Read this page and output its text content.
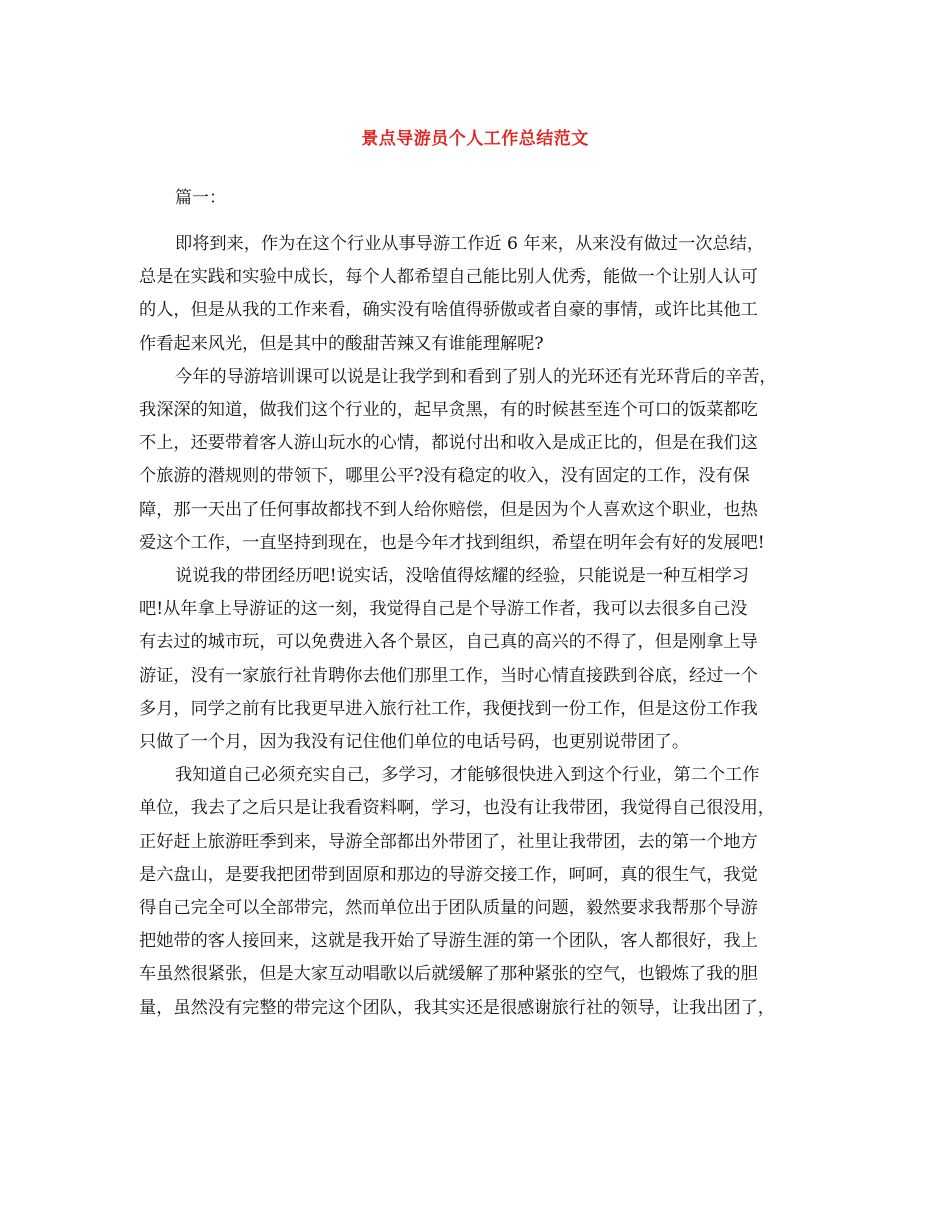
景点导游员个人工作总结范文

篇一：

即将到来，作为在这个行业从事导游工作近 6 年来，从来没有做过一次总结，
总是在实践和实验中成长，每个人都希望自己能比别人优秀，能做一个让别人认可
的人，但是从我的工作来看，确实没有啥值得骄傲或者自豪的事情，或许比其他工
作看起来风光，但是其中的酸甜苦辣又有谁能理解呢?
今年的导游培训课可以说是让我学到和看到了别人的光环还有光环背后的辛苦，
我深深的知道，做我们这个行业的，起早贪黑，有的时候甚至连个可口的饭菜都吃
不上，还要带着客人游山玩水的心情，都说付出和收入是成正比的，但是在我们这
个旅游的潜规则的带领下，哪里公平?没有稳定的收入，没有固定的工作，没有保
障，那一天出了任何事故都找不到人给你赔偿，但是因为个人喜欢这个职业，也热
爱这个工作，一直坚持到现在，也是今年才找到组织，希望在明年会有好的发展吧!
说说我的带团经历吧!说实话，没啥值得炫耀的经验，只能说是一种互相学习
吧!从年拿上导游证的这一刻，我觉得自己是个导游工作者，我可以去很多自己没
有去过的城市玩，可以免费进入各个景区，自己真的高兴的不得了，但是刚拿上导
游证，没有一家旅行社肯聘你去他们那里工作，当时心情直接跌到谷底，经过一个
多月，同学之前有比我更早进入旅行社工作，我便找到一份工作，但是这份工作我
只做了一个月，因为我没有记住他们单位的电话号码，也更别说带团了。
我知道自己必须充实自己，多学习，才能够很快进入到这个行业，第二个工作
单位，我去了之后只是让我看资料啊，学习，也没有让我带团，我觉得自己很没用，
正好赶上旅游旺季到来，导游全部都出外带团了，社里让我带团，去的第一个地方
是六盘山，是要我把团带到固原和那边的导游交接工作，呵呵，真的很生气，我觉
得自己完全可以全部带完，然而单位出于团队质量的问题，毅然要求我帮那个导游
把她带的客人接回来，这就是我开始了导游生涯的第一个团队，客人都很好，我上
车虽然很紧张，但是大家互动唱歌以后就缓解了那种紧张的空气，也锻炼了我的胆
量，虽然没有完整的带完这个团队，我其实还是很感谢旅行社的领导，让我出团了，
